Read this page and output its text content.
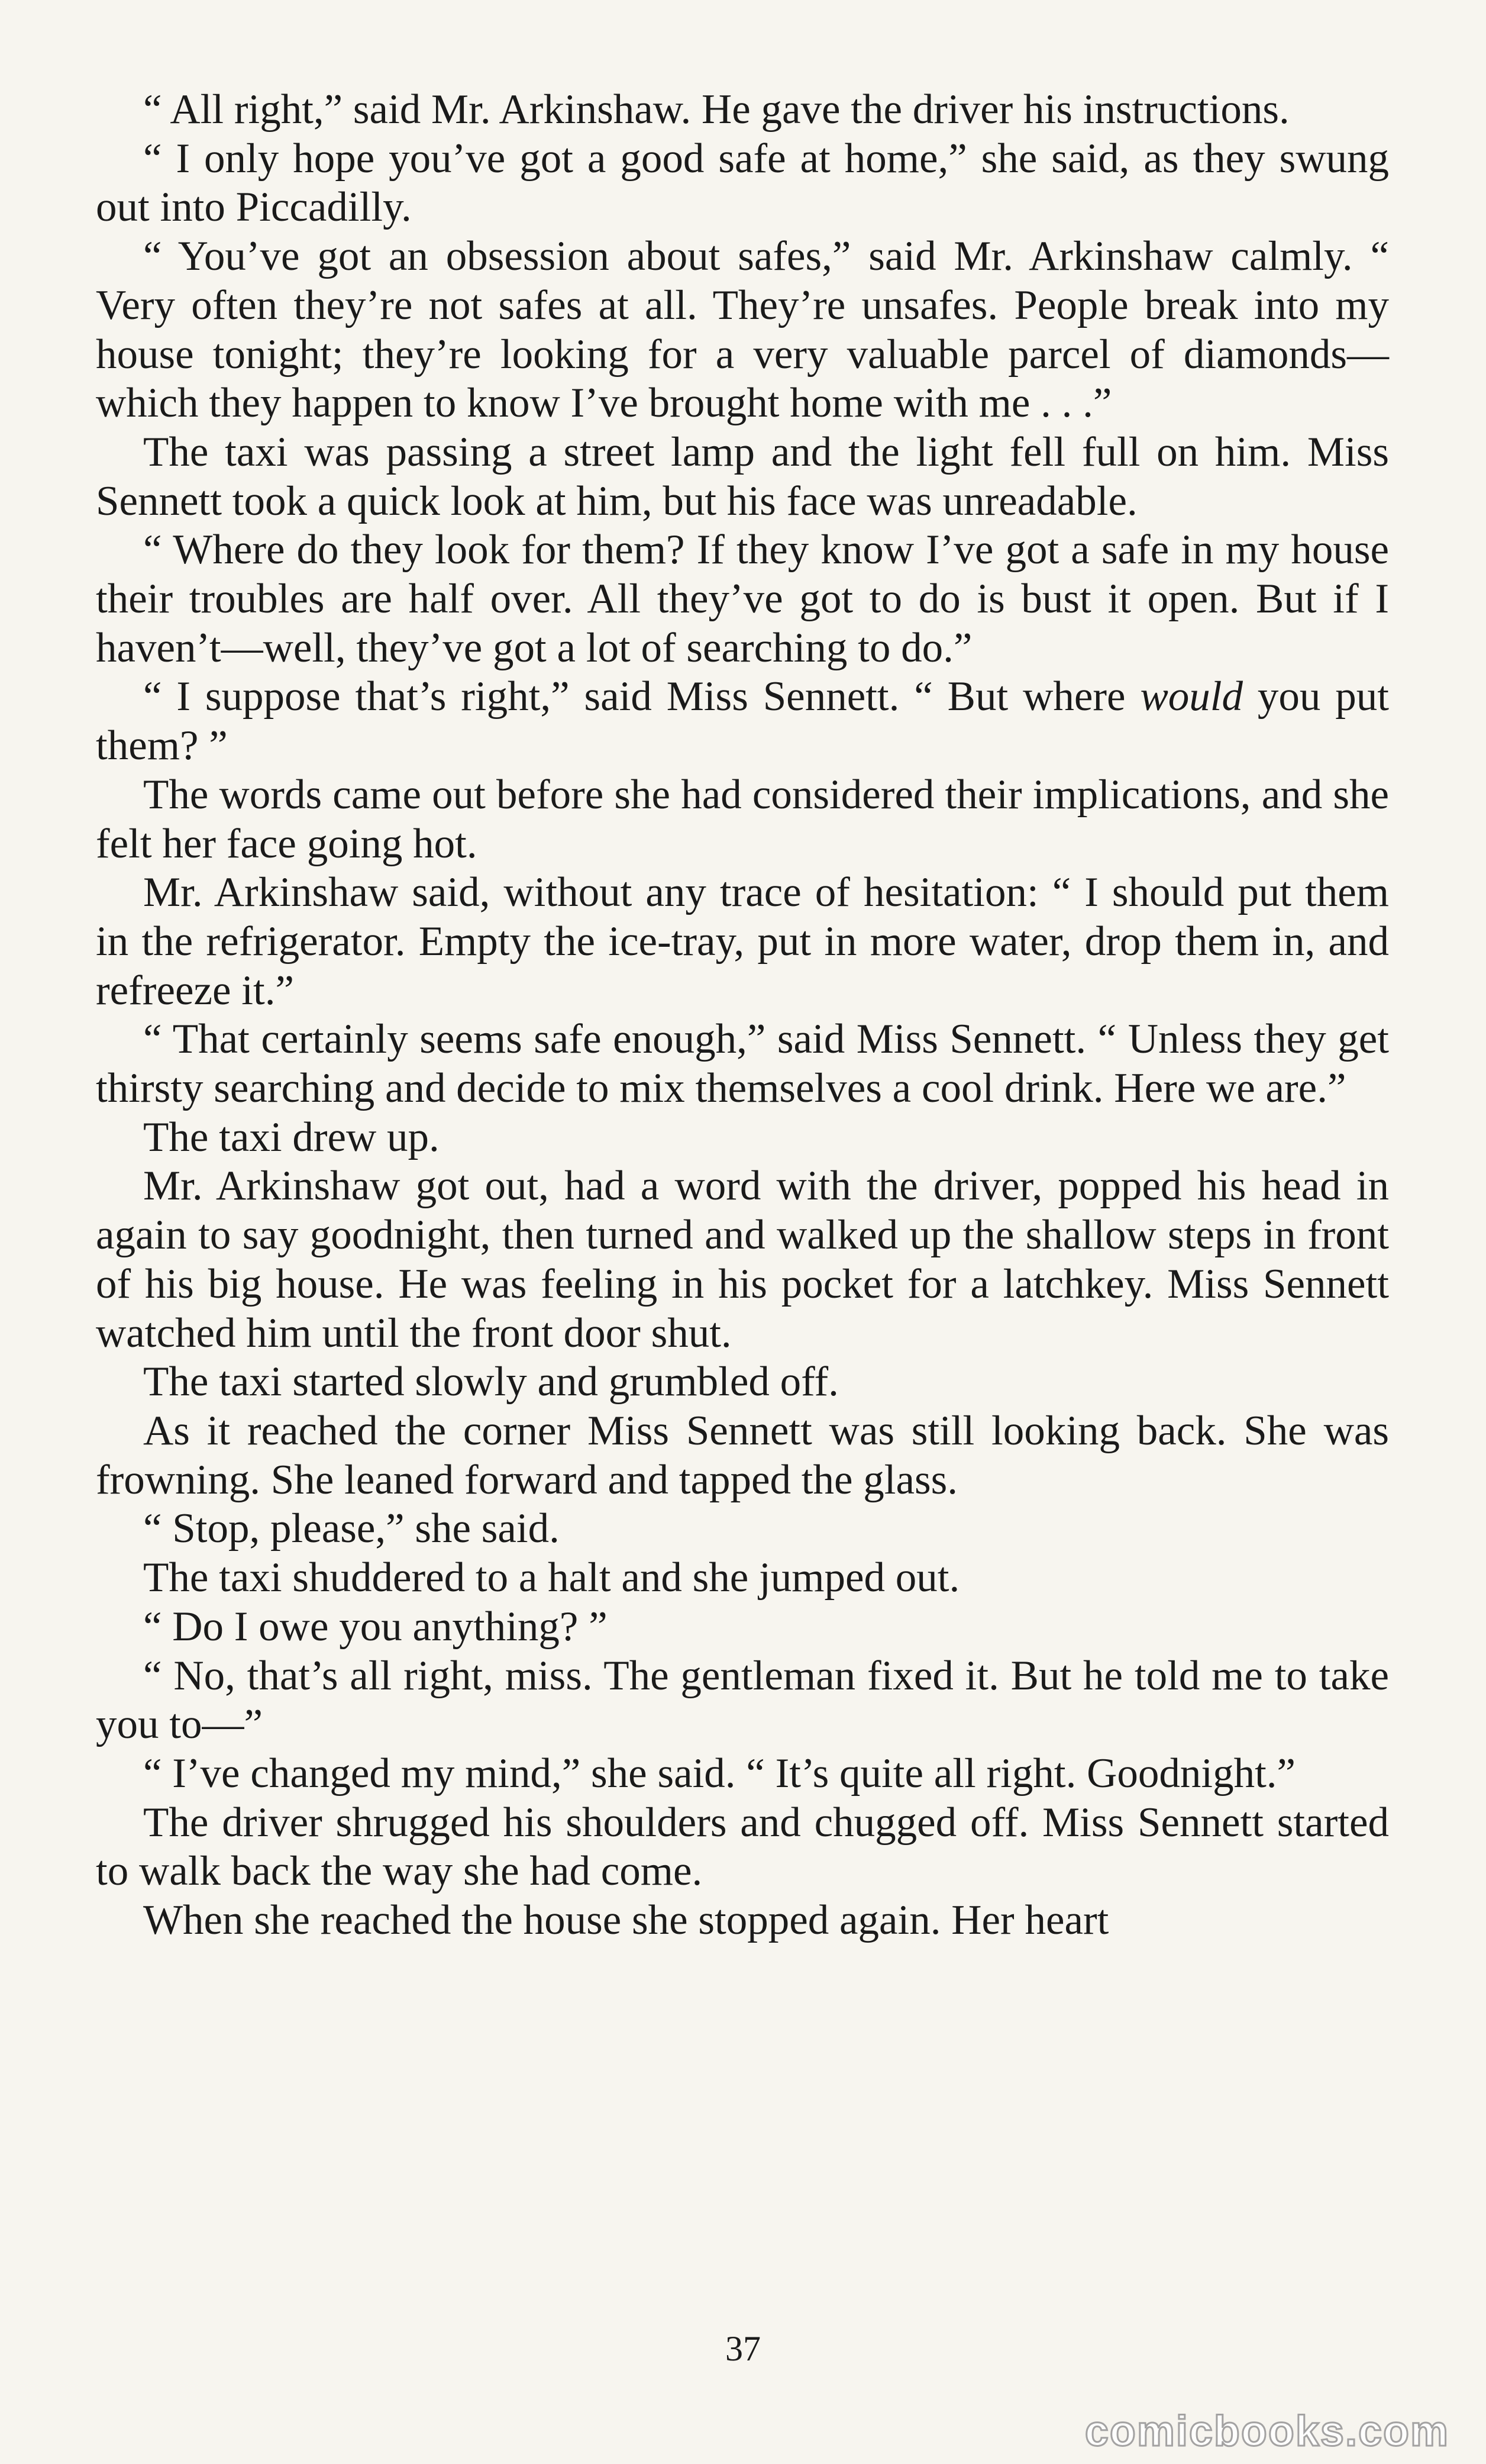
“ All right,” said Mr. Arkinshaw. He gave the driver his instructions.

“ I only hope you’ve got a good safe at home,” she said, as they swung out into Piccadilly.

“ You’ve got an obsession about safes,” said Mr. Arkinshaw calmly. “ Very often they’re not safes at all. They’re unsafes. People break into my house tonight; they’re looking for a very valuable parcel of diamonds—which they happen to know I’ve brought home with me . . .”

The taxi was passing a street lamp and the light fell full on him. Miss Sennett took a quick look at him, but his face was unreadable.

“ Where do they look for them? If they know I’ve got a safe in my house their troubles are half over. All they’ve got to do is bust it open. But if I haven’t—well, they’ve got a lot of searching to do.”

“ I suppose that’s right,” said Miss Sennett. “ But where would you put them? ”

The words came out before she had considered their implications, and she felt her face going hot.

Mr. Arkinshaw said, without any trace of hesitation: “ I should put them in the refrigerator. Empty the ice-tray, put in more water, drop them in, and refreeze it.”

“ That certainly seems safe enough,” said Miss Sennett. “ Unless they get thirsty searching and decide to mix themselves a cool drink. Here we are.”

The taxi drew up.

Mr. Arkinshaw got out, had a word with the driver, popped his head in again to say goodnight, then turned and walked up the shallow steps in front of his big house. He was feeling in his pocket for a latchkey. Miss Sennett watched him until the front door shut.

The taxi started slowly and grumbled off.

As it reached the corner Miss Sennett was still looking back. She was frowning. She leaned forward and tapped the glass.

“ Stop, please,” she said.

The taxi shuddered to a halt and she jumped out.

“ Do I owe you anything? ”

“ No, that’s all right, miss. The gentleman fixed it. But he told me to take you to—”

“ I’ve changed my mind,” she said. “ It’s quite all right. Goodnight.”

The driver shrugged his shoulders and chugged off. Miss Sennett started to walk back the way she had come.

When she reached the house she stopped again. Her heart

37
comicbooks.com
